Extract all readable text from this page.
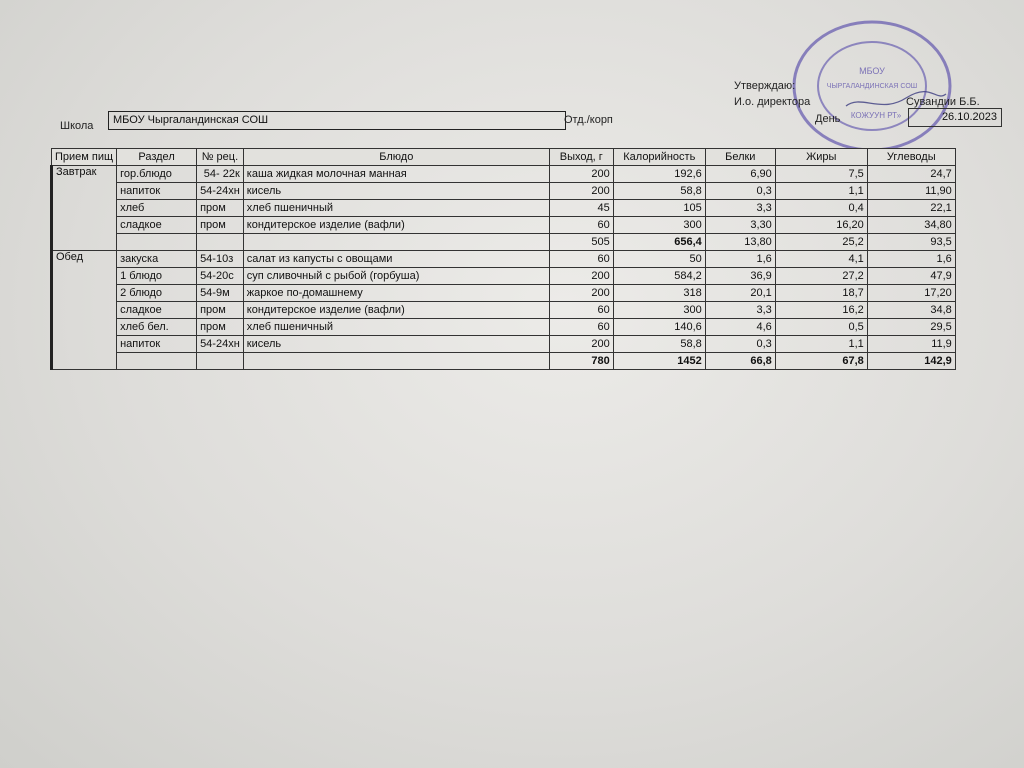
МБОУ
ЧЫРГАЛАНДИНСКАЯ СОШ
КОЖУУН РТ»
Утверждаю:
И.о. директора	Сувандии Б.Б.
Школа	МБОУ Чыргаландинская СОШ	Отд./корп	День	26.10.2023
Прием пищ	Раздел	№ рец.	Блюдо	Выход, г	Калорийность	Белки	Жиры	Углеводы
Завтрак	гор.блюдо	54- 22к	каша жидкая молочная манная	200	192,6	6,90	7,5	24,7
	напиток	54-24хн	кисель	200	58,8	0,3	1,1	11,90
	хлеб	пром	хлеб пшеничный	45	105	3,3	0,4	22,1
	сладкое	пром	кондитерское изделие (вафли)	60	300	3,30	16,20	34,80
				505	656,4	13,80	25,2	93,5
Обед	закуска	54-10з	салат из капусты с овощами	60	50	1,6	4,1	1,6
	1 блюдо	54-20с	суп сливочный с рыбой (горбуша)	200	584,2	36,9	27,2	47,9
	2 блюдо	54-9м	жаркое по-домашнему	200	318	20,1	18,7	17,20
	сладкое	пром	кондитерское изделие (вафли)	60	300	3,3	16,2	34,8
	хлеб бел.	пром	хлеб пшеничный	60	140,6	4,6	0,5	29,5
	напиток	54-24хн	кисель	200	58,8	0,3	1,1	11,9
				780	1452	66,8	67,8	142,9
